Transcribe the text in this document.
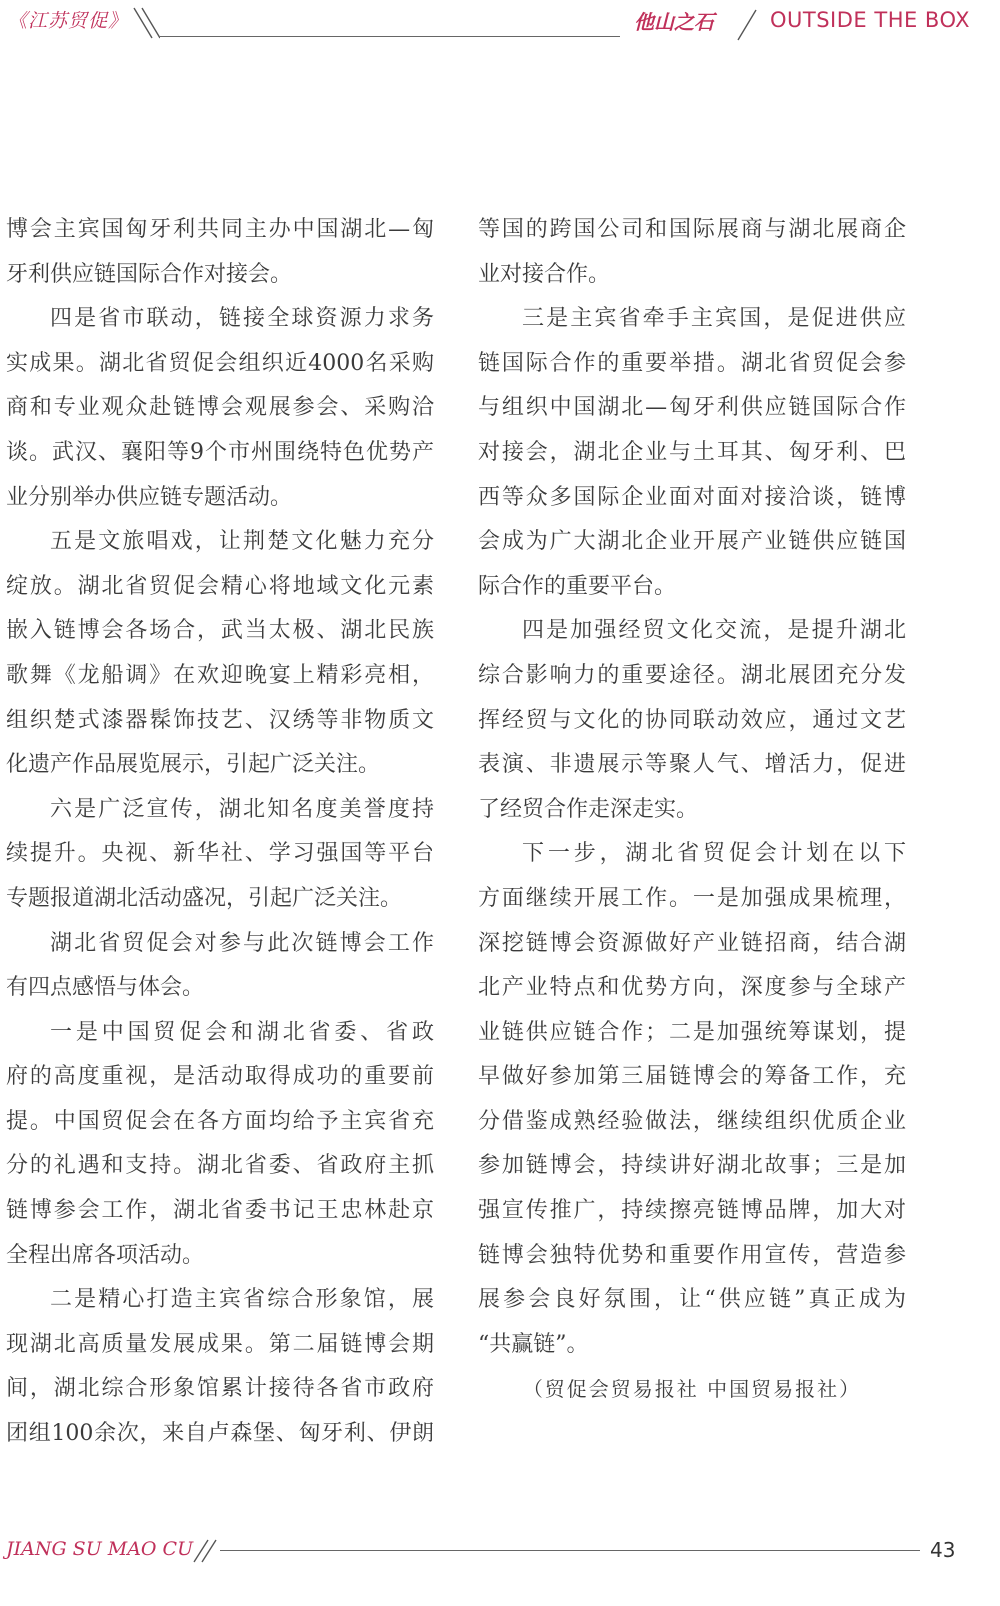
《江苏贸促》	他山之石	OUTSIDE THE BOX
博会主宾国匈牙利共同主办中国湖北—匈
牙利供应链国际合作对接会。
四是省市联动，链接全球资源力求务
实成果。湖北省贸促会组织近4000名采购
商和专业观众赴链博会观展参会、采购洽
谈。武汉、襄阳等9个市州围绕特色优势产
业分别举办供应链专题活动。
五是文旅唱戏，让荆楚文化魅力充分
绽放。湖北省贸促会精心将地域文化元素
嵌入链博会各场合，武当太极、湖北民族
歌舞《龙船调》在欢迎晚宴上精彩亮相，
组织楚式漆器髹饰技艺、汉绣等非物质文
化遗产作品展览展示，引起广泛关注。
六是广泛宣传，湖北知名度美誉度持
续提升。央视、新华社、学习强国等平台
专题报道湖北活动盛况，引起广泛关注。
湖北省贸促会对参与此次链博会工作
有四点感悟与体会。
一是中国贸促会和湖北省委、省政
府的高度重视，是活动取得成功的重要前
提。中国贸促会在各方面均给予主宾省充
分的礼遇和支持。湖北省委、省政府主抓
链博参会工作，湖北省委书记王忠林赴京
全程出席各项活动。
二是精心打造主宾省综合形象馆，展
现湖北高质量发展成果。第二届链博会期
间，湖北综合形象馆累计接待各省市政府
团组100余次，来自卢森堡、匈牙利、伊朗
等国的跨国公司和国际展商与湖北展商企
业对接合作。
三是主宾省牵手主宾国，是促进供应
链国际合作的重要举措。湖北省贸促会参
与组织中国湖北—匈牙利供应链国际合作
对接会，湖北企业与土耳其、匈牙利、巴
西等众多国际企业面对面对接洽谈，链博
会成为广大湖北企业开展产业链供应链国
际合作的重要平台。
四是加强经贸文化交流，是提升湖北
综合影响力的重要途径。湖北展团充分发
挥经贸与文化的协同联动效应，通过文艺
表演、非遗展示等聚人气、增活力，促进
了经贸合作走深走实。
下一步，湖北省贸促会计划在以下
方面继续开展工作。一是加强成果梳理，
深挖链博会资源做好产业链招商，结合湖
北产业特点和优势方向，深度参与全球产
业链供应链合作；二是加强统筹谋划，提
早做好参加第三届链博会的筹备工作，充
分借鉴成熟经验做法，继续组织优质企业
参加链博会，持续讲好湖北故事；三是加
强宣传推广，持续擦亮链博品牌，加大对
链博会独特优势和重要作用宣传，营造参
展参会良好氛围，让“供应链”真正成为
“共赢链”。
（贸促会贸易报社 中国贸易报社）
JIANG SU MAO CU	43
